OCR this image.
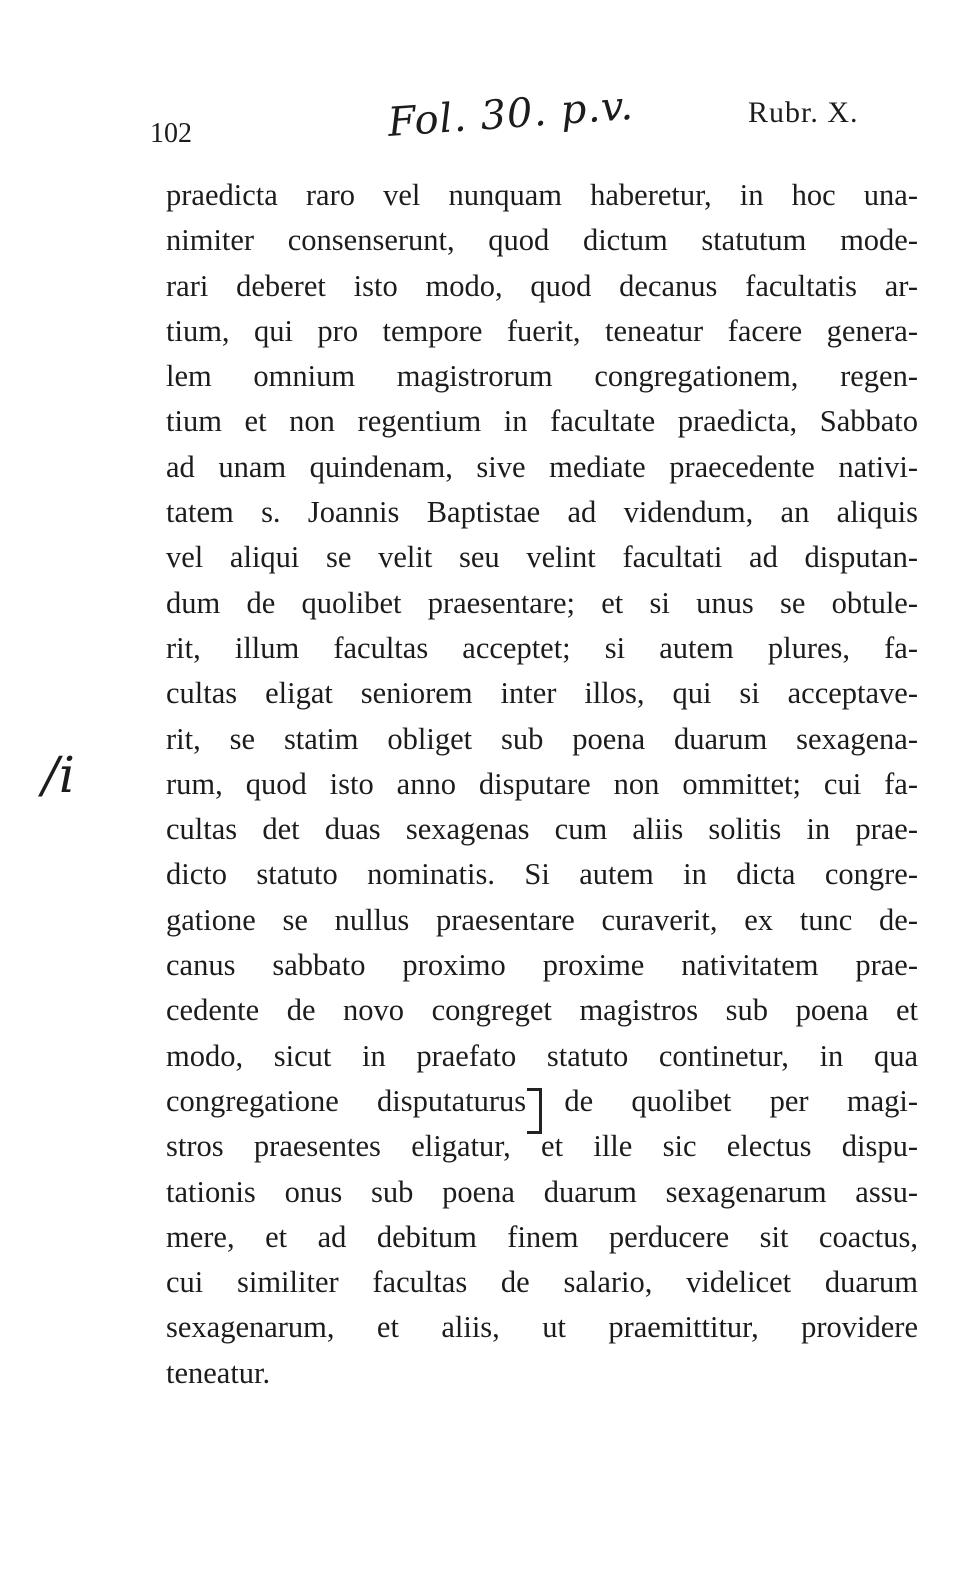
102	Fol. 30. p.v.	Rubr. X.
/i
praedicta raro vel nunquam haberetur, in hoc una-
nimiter consenserunt, quod dictum statutum mode-
rari deberet isto modo, quod decanus facultatis ar-
tium, qui pro tempore fuerit, teneatur facere genera-
lem omnium magistrorum congregationem, regen-
tium et non regentium in facultate praedicta, Sabbato
ad unam quindenam, sive mediate praecedente nativi-
tatem s. Joannis Baptistae ad videndum, an aliquis
vel aliqui se velit seu velint facultati ad disputan-
dum de quolibet praesentare; et si unus se obtule-
rit, illum facultas acceptet; si autem plures, fa-
cultas eligat seniorem inter illos, qui si acceptave-
rit, se statim obliget sub poena duarum sexagena-
rum, quod isto anno disputare non ommittet; cui fa-
cultas det duas sexagenas cum aliis solitis in prae-
dicto statuto nominatis. Si autem in dicta congre-
gatione se nullus praesentare curaverit, ex tunc de-
canus sabbato proximo proxime nativitatem prae-
cedente de novo congreget magistros sub poena et
modo, sicut in praefato statuto continetur, in qua
congregatione disputaturus de quolibet per magi-
stros praesentes eligatur, et ille sic electus dispu-
tationis onus sub poena duarum sexagenarum assu-
mere, et ad debitum finem perducere sit coactus,
cui similiter facultas de salario, videlicet duarum
sexagenarum, et aliis, ut praemittitur, providere
teneatur.
